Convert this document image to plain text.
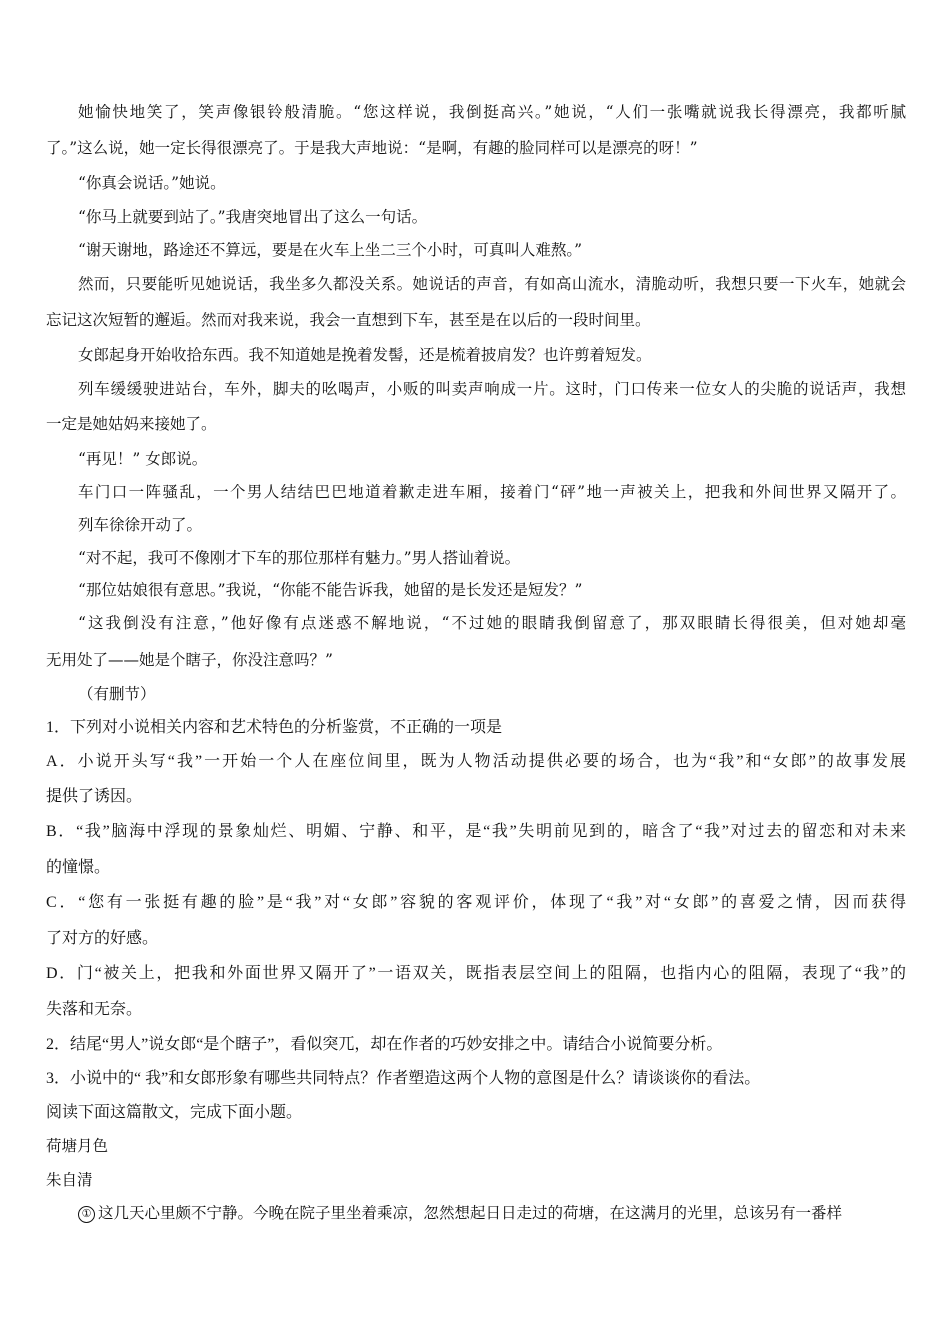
她愉快地笑了，笑声像银铃般清脆。“您这样说，我倒挺高兴。”她说，“人们一张嘴就说我长得漂亮，我都听腻
了。”这么说，她一定长得很漂亮了。于是我大声地说：“是啊，有趣的脸同样可以是漂亮的呀！”
“你真会说话。”她说。
“你马上就要到站了。”我唐突地冒出了这么一句话。
“谢天谢地，路途还不算远，要是在火车上坐二三个小时，可真叫人难熬。”
然而，只要能听见她说话，我坐多久都没关系。她说话的声音，有如高山流水，清脆动听，我想只要一下火车，她就会
忘记这次短暂的邂逅。然而对我来说，我会一直想到下车，甚至是在以后的一段时间里。
女郎起身开始收拾东西。我不知道她是挽着发髻，还是梳着披肩发？也许剪着短发。
列车缓缓驶进站台，车外，脚夫的吆喝声，小贩的叫卖声响成一片。这时，门口传来一位女人的尖脆的说话声，我想
一定是她姑妈来接她了。
“再见！” 女郎说。
车门口一阵骚乱，一个男人结结巴巴地道着歉走进车厢，接着门“砰”地一声被关上，把我和外间世界又隔开了。
列车徐徐开动了。
“对不起，我可不像刚才下车的那位那样有魅力。”男人搭讪着说。
“那位姑娘很有意思。”我说，“你能不能告诉我，她留的是长发还是短发？”
“这我倒没有注意，”他好像有点迷惑不解地说，“不过她的眼睛我倒留意了，那双眼睛长得很美，但对她却毫
无用处了——她是个瞎子，你没注意吗？”
（有删节）
1．下列对小说相关内容和艺术特色的分析鉴赏，不正确的一项是
A．小说开头写“我”一开始一个人在座位间里，既为人物活动提供必要的场合，也为“我”和“女郎”的故事发展
提供了诱因。
B．“我”脑海中浮现的景象灿烂、明媚、宁静、和平，是“我”失明前见到的，暗含了“我”对过去的留恋和对未来
的憧憬。
C．“您有一张挺有趣的脸”是“我”对“女郎”容貌的客观评价，体现了“我”对“女郎”的喜爱之情，因而获得
了对方的好感。
D．门“被关上，把我和外面世界又隔开了”一语双关，既指表层空间上的阻隔，也指内心的阻隔，表现了“我”的
失落和无奈。
2．结尾“男人”说女郎“是个瞎子”，看似突兀，却在作者的巧妙安排之中。请结合小说简要分析。
3．小说中的“ 我”和女郎形象有哪些共同特点？作者塑造这两个人物的意图是什么？请谈谈你的看法。
阅读下面这篇散文，完成下面小题。
荷塘月色
朱自清
① 这几天心里颇不宁静。今晚在院子里坐着乘凉，忽然想起日日走过的荷塘，在这满月的光里，总该另有一番样
